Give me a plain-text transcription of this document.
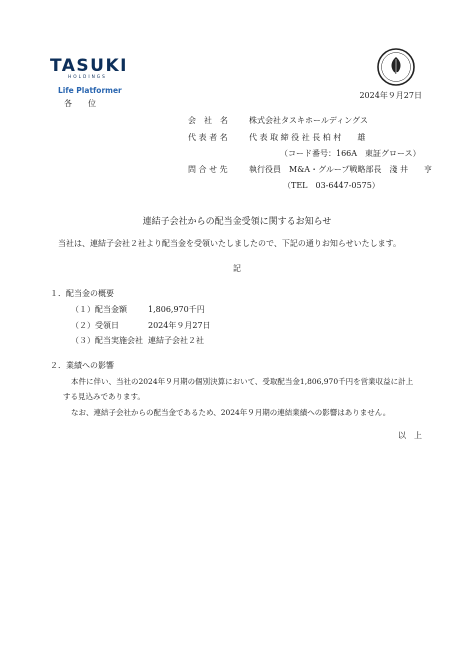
TASUKI
HOLDINGS
Life Platformer
FASF
各　　位
2024年９月27日
会　社　名	株式会社タスキホールディングス
代 表 者 名	代 表 取 締 役 社 長 柏 村　　雄
（コード番号：166A　東証グロース）
問 合 せ 先	執行役員　M&A・グループ戦略部長　淺 井　　亨
（TEL　03-6447-0575）
連結子会社からの配当金受領に関するお知らせ
当社は、連結子会社２社より配当金を受領いたしましたので、下記の通りお知らせいたします。
記
１．配当金の概要
（１）配当金額	1,806,970千円
（２）受領日	2024年９月27日
（３）配当実施会社 連結子会社２社
２．業績への影響
本件に伴い、当社の2024年９月期の個別決算において、受取配当金1,806,970千円を営業収益に計上
する見込みであります。
なお、連結子会社からの配当金であるため、2024年９月期の連結業績への影響はありません。
以　上
